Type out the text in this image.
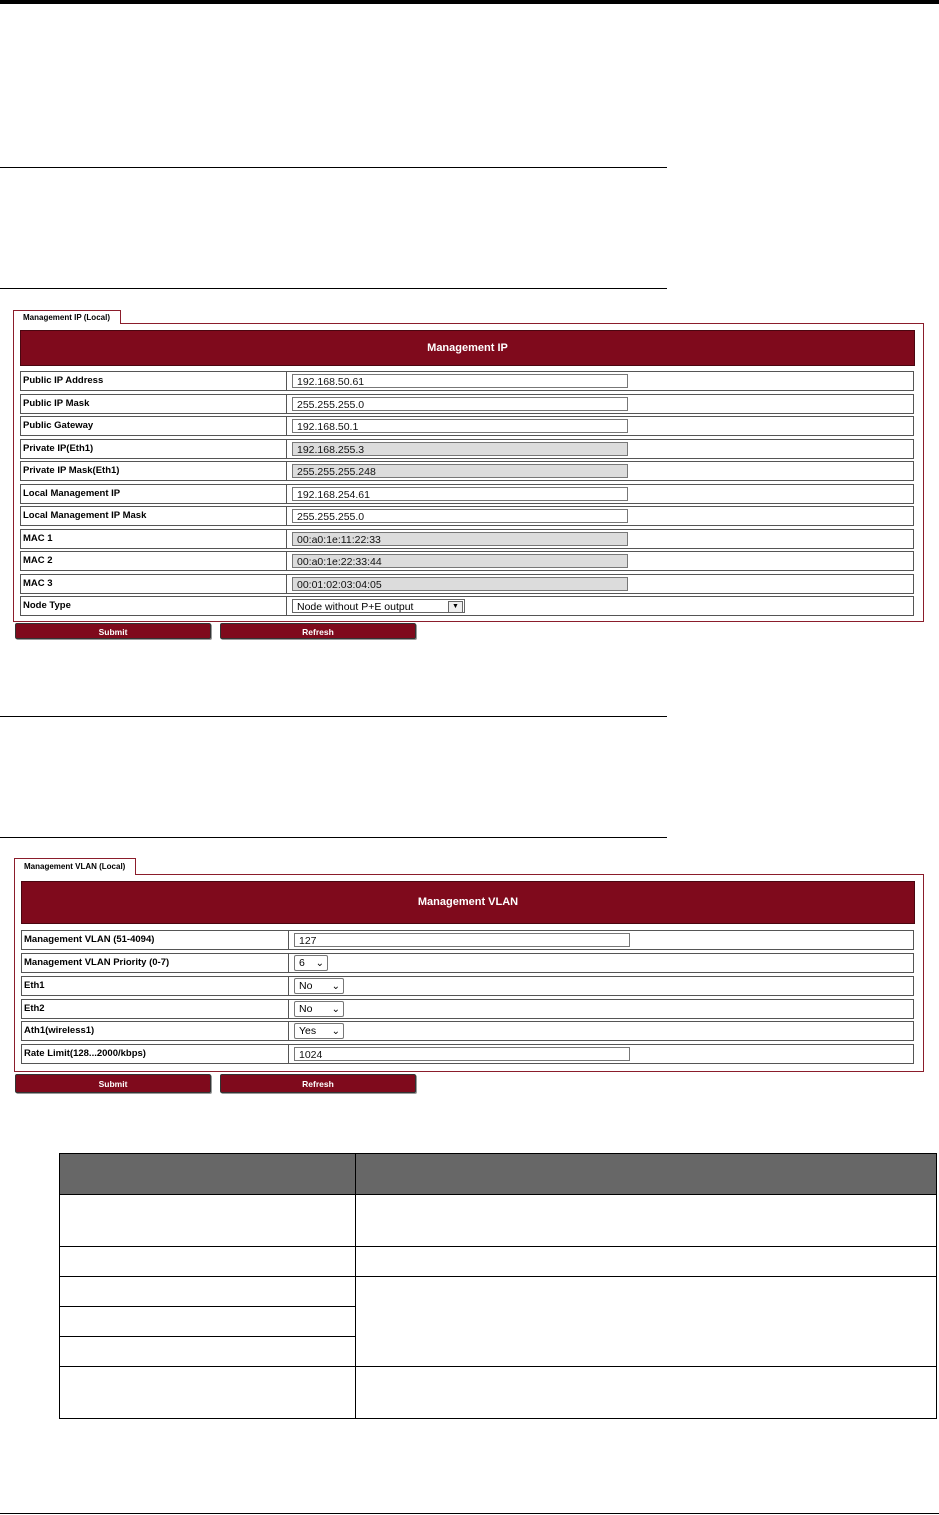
Management IP (Local)
Management IP
Public IP Address	192.168.50.61
Public IP Mask	255.255.255.0
Public Gateway	192.168.50.1
Private IP(Eth1)	192.168.255.3
Private IP Mask(Eth1)	255.255.255.248
Local Management IP	192.168.254.61
Local Management IP Mask	255.255.255.0
MAC 1	00:a0:1e:11:22:33
MAC 2	00:a0:1e:22:33:44
MAC 3	00:01:02:03:04:05
Node Type	Node without P+E output	▼
Submit	Refresh
Management VLAN (Local)
Management VLAN
Management VLAN (51-4094)	127
Management VLAN Priority (0-7)	6 ⌄
Eth1	No ⌄
Eth2	No ⌄
Ath1(wireless1)	Yes ⌄
Rate Limit(128...2000/kbps)	1024
Submit	Refresh
